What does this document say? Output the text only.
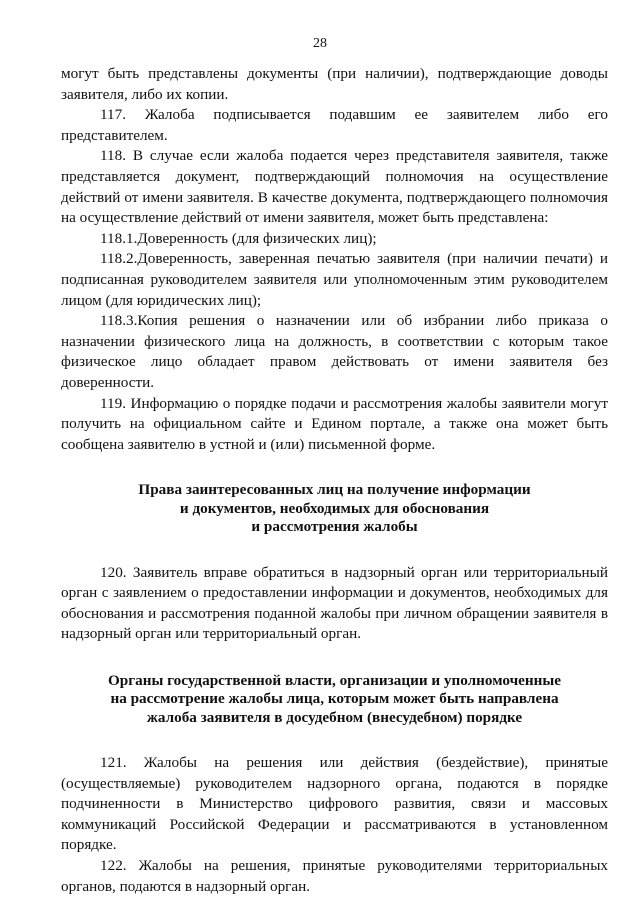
28

могут быть представлены документы (при наличии), подтверждающие доводы заявителя, либо их копии.

117. Жалоба подписывается подавшим ее заявителем либо его представителем.

118. В случае если жалоба подается через представителя заявителя, также представляется документ, подтверждающий полномочия на осуществление действий от имени заявителя. В качестве документа, подтверждающего полномочия на осуществление действий от имени заявителя, может быть представлена:

118.1.Доверенность (для физических лиц);

118.2.Доверенность, заверенная печатью заявителя (при наличии печати) и подписанная руководителем заявителя или уполномоченным этим руководителем лицом (для юридических лиц);

118.3.Копия решения о назначении или об избрании либо приказа о назначении физического лица на должность, в соответствии с которым такое физическое лицо обладает правом действовать от имени заявителя без доверенности.

119. Информацию о порядке подачи и рассмотрения жалобы заявители могут получить на официальном сайте и Едином портале, а также она может быть сообщена заявителю в устной и (или) письменной форме.

Права заинтересованных лиц на получение информации
и документов, необходимых для обоснования
и рассмотрения жалобы

120. Заявитель вправе обратиться в надзорный орган или территориальный орган с заявлением о предоставлении информации и документов, необходимых для обоснования и рассмотрения поданной жалобы при личном обращении заявителя в надзорный орган или территориальный орган.

Органы государственной власти, организации и уполномоченные
на рассмотрение жалобы лица, которым может быть направлена
жалоба заявителя в досудебном (внесудебном) порядке

121. Жалобы на решения или действия (бездействие), принятые (осуществляемые) руководителем надзорного органа, подаются в порядке подчиненности в Министерство цифрового развития, связи и массовых коммуникаций Российской Федерации и рассматриваются в установленном порядке.

122. Жалобы на решения, принятые руководителями территориальных органов, подаются в надзорный орган.
